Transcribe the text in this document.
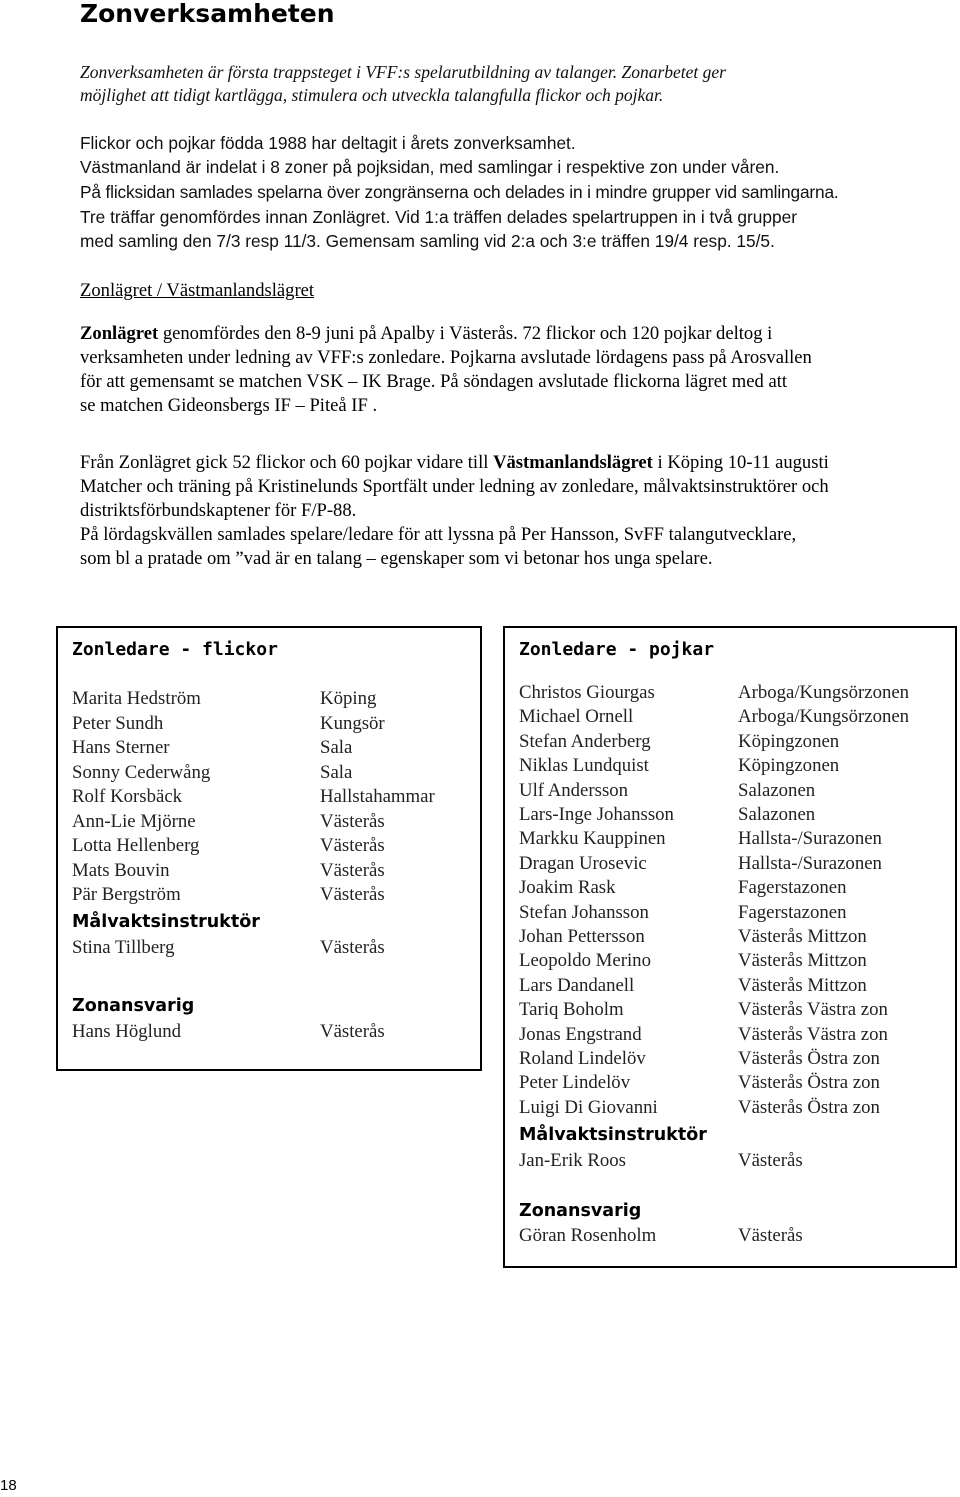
Zonverksamheten
Zonverksamheten är första trappsteget i VFF:s spelarutbildning av talanger. Zonarbetet ger
möjlighet att tidigt kartlägga, stimulera och utveckla talangfulla flickor och pojkar.
Flickor och pojkar födda 1988 har deltagit i årets zonverksamhet.
Västmanland är indelat i 8 zoner på pojksidan, med samlingar i respektive zon under våren.
På flicksidan samlades spelarna över zongränserna och delades in i mindre grupper vid samlingarna.
Tre träffar genomfördes innan Zonlägret. Vid 1:a träffen delades spelartruppen in i två grupper
med samling den 7/3 resp 11/3. Gemensam samling vid 2:a och 3:e träffen 19/4 resp. 15/5.
Zonlägret / Västmanlandslägret
Zonlägret genomfördes den 8-9 juni på Apalby i Västerås. 72 flickor och 120 pojkar deltog i
verksamheten under ledning av VFF:s zonledare. Pojkarna avslutade lördagens pass på Arosvallen
för att gemensamt se matchen VSK – IK Brage. På söndagen avslutade flickorna lägret med att
se matchen Gideonsbergs IF – Piteå IF .
Från Zonlägret gick 52 flickor och 60 pojkar vidare till Västmanlandslägret i Köping 10-11 augusti
Matcher och träning på Kristinelunds Sportfält under ledning av zonledare, målvaktsinstruktörer och
distriktsförbundskaptener för F/P-88.
På lördagskvällen samlades spelare/ledare för att lyssna på Per Hansson, SvFF talangutvecklare,
som bl a pratade om ”vad är en talang – egenskaper som vi betonar hos unga spelare.
Zonledare - flickor
Marita Hedström	Köping
Peter Sundh	Kungsör
Hans Sterner	Sala
Sonny Cederwång	Sala
Rolf Korsbäck	Hallstahammar
Ann-Lie Mjörne	Västerås
Lotta Hellenberg	Västerås
Mats Bouvin	Västerås
Pär Bergström	Västerås
Målvaktsinstruktör
Stina Tillberg	Västerås
Zonansvarig
Hans Höglund	Västerås
Zonledare - pojkar
Christos Giourgas	Arboga/Kungsörzonen
Michael Ornell	Arboga/Kungsörzonen
Stefan Anderberg	Köpingzonen
Niklas Lundquist	Köpingzonen
Ulf Andersson	Salazonen
Lars-Inge Johansson	Salazonen
Markku Kauppinen	Hallsta-/Surazonen
Dragan Urosevic	Hallsta-/Surazonen
Joakim Rask	Fagerstazonen
Stefan Johansson	Fagerstazonen
Johan Pettersson	Västerås Mittzon
Leopoldo Merino	Västerås Mittzon
Lars Dandanell	Västerås Mittzon
Tariq Boholm	Västerås Västra zon
Jonas Engstrand	Västerås Västra zon
Roland Lindelöv	Västerås Östra zon
Peter Lindelöv	Västerås Östra zon
Luigi Di Giovanni	Västerås Östra zon
Målvaktsinstruktör
Jan-Erik Roos	Västerås
Zonansvarig
Göran Rosenholm	Västerås
18
